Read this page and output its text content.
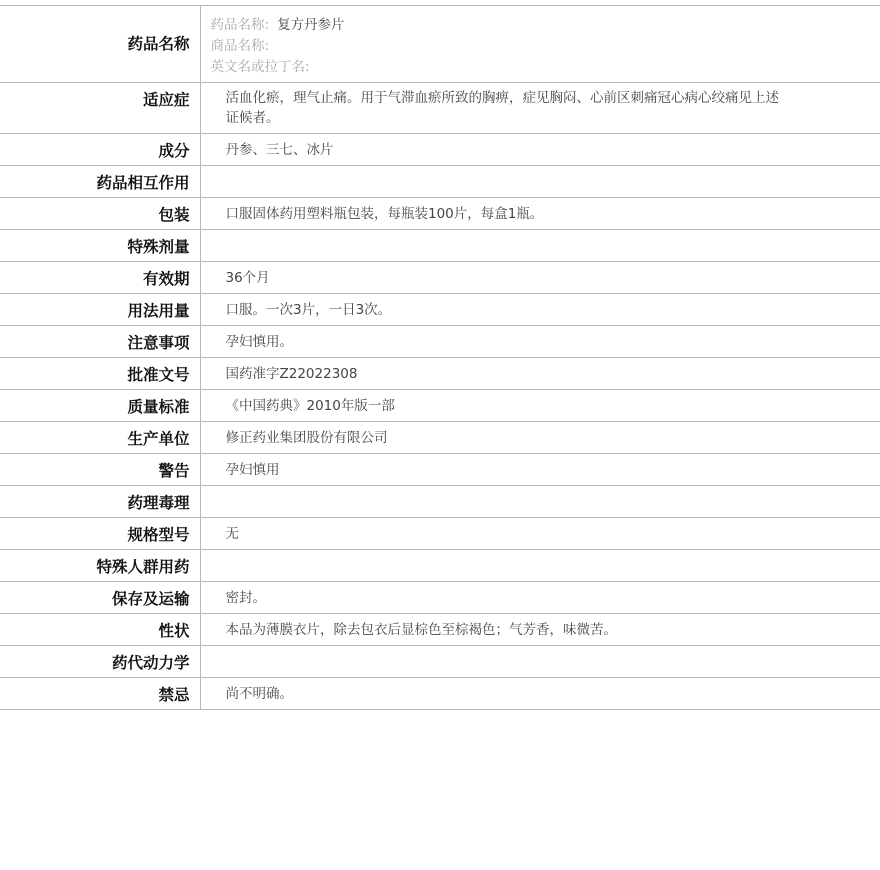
药品名称	药品名称: 复方丹参片
商品名称:
英文名或拉丁名:

适应症	活血化瘀，理气止痛。用于气滞血瘀所致的胸痹，症见胸闷、心前区刺痛冠心病心绞痛见上述证候者。
成分	丹参、三七、冰片
药品相互作用	
包装	口服固体药用塑料瓶包装，每瓶装100片，每盒1瓶。
特殊剂量	
有效期	36个月
用法用量	口服。一次3片，一日3次。
注意事项	孕妇慎用。
批准文号	国药准字Z22022308
质量标准	《中国药典》2010年版一部
生产单位	修正药业集团股份有限公司
警告	孕妇慎用
药理毒理	
规格型号	无
特殊人群用药	
保存及运输	密封。
性状	本品为薄膜衣片，除去包衣后显棕色至棕褐色；气芳香，味微苦。
药代动力学	
禁忌	尚不明确。
